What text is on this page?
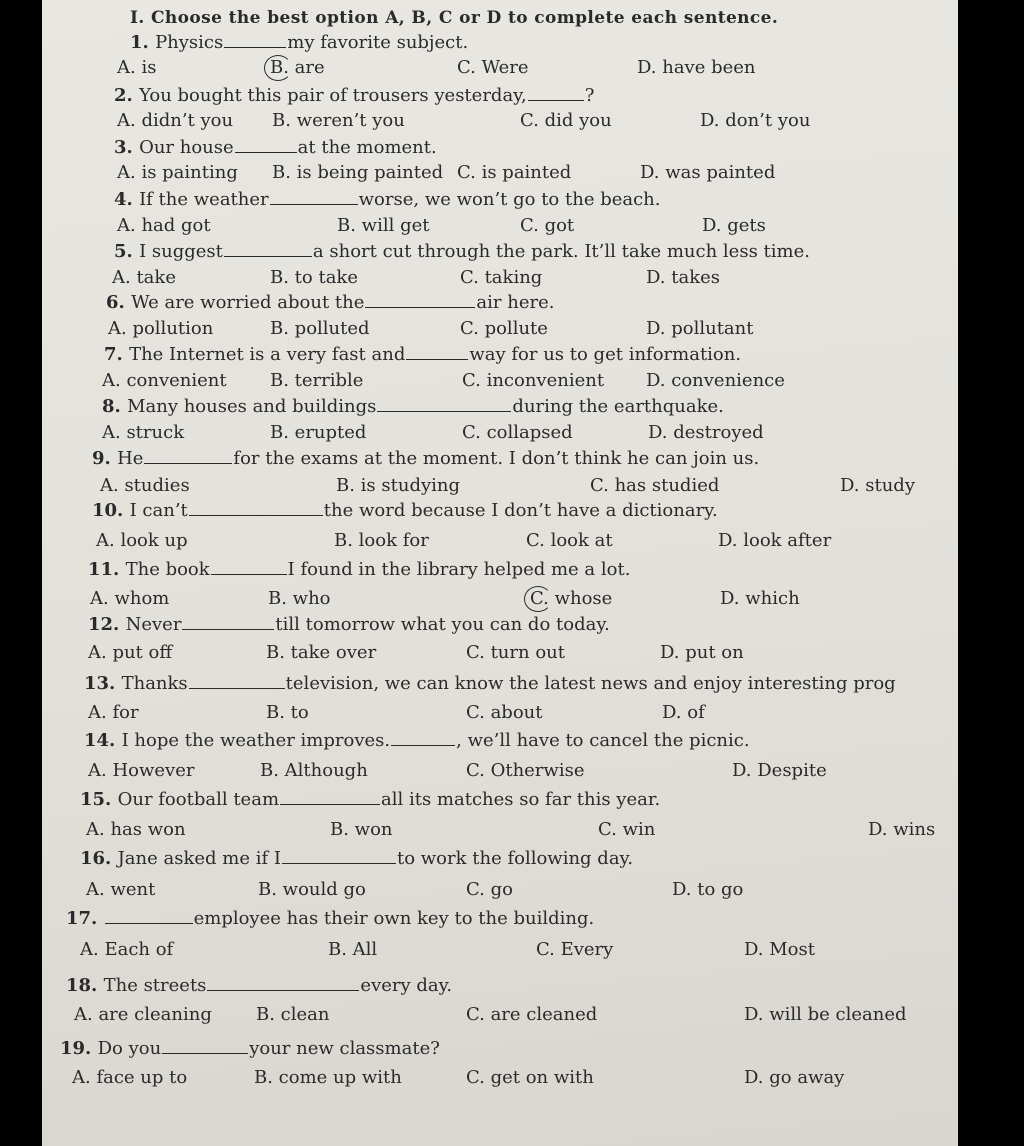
I. Choose the best option A, B, C or D to complete each sentence.
1. Physics	my favorite subject.
A. is	B. are	C. Were	D. have been
2. You bought this pair of trousers yesterday,	?
A. didn’t you B. weren’t you	C. did you	D. don’t you
3. Our house	at the moment.
A. is painting B. is being painted C. is painted	D. was painted
4. If the weather	worse, we won’t go to the beach.
A. had got	B. will get	C. got	D. gets
5. I suggest	a short cut through the park. It’ll take much less time.
A. take	B. to take	C. taking	D. takes
6. We are worried about the	air here.
A. pollution	B. polluted	C. pollute	D. pollutant
7. The Internet is a very fast and	way for us to get information.
A. convenient B. terrible	C. inconvenient D. convenience
8. Many houses and buildings	during the earthquake.
A. struck	B. erupted	C. collapsed	D. destroyed
9. He	for the exams at the moment. I don’t think he can join us.
A. studies	B. is studying	C. has studied	D. study
10. I can’t	the word because I don’t have a dictionary.
A. look up	B. look for	C. look at	D. look after
11. The book	I found in the library helped me a lot.
A. whom	B. who	C. whose	D. which
12. Never	till tomorrow what you can do today.
A. put off	B. take over	C. turn out	D. put on
13. Thanks	television, we can know the latest news and enjoy interesting prog
A. for	B. to	C. about	D. of
14. I hope the weather improves.	, we’ll have to cancel the picnic.
A. However	B. Although	C. Otherwise	D. Despite
15. Our football team	all its matches so far this year.
A. has won	B. won	C. win	D. wins
16. Jane asked me if I	to work the following day.
A. went	B. would go	C. go	D. to go
17.	employee has their own key to the building.
A. Each of	B. All	C. Every	D. Most
18. The streets	every day.
A. are cleaning B. clean	C. are cleaned	D. will be cleaned
19. Do you	your new classmate?
A. face up to	B. come up with	C. get on with	D. go away
